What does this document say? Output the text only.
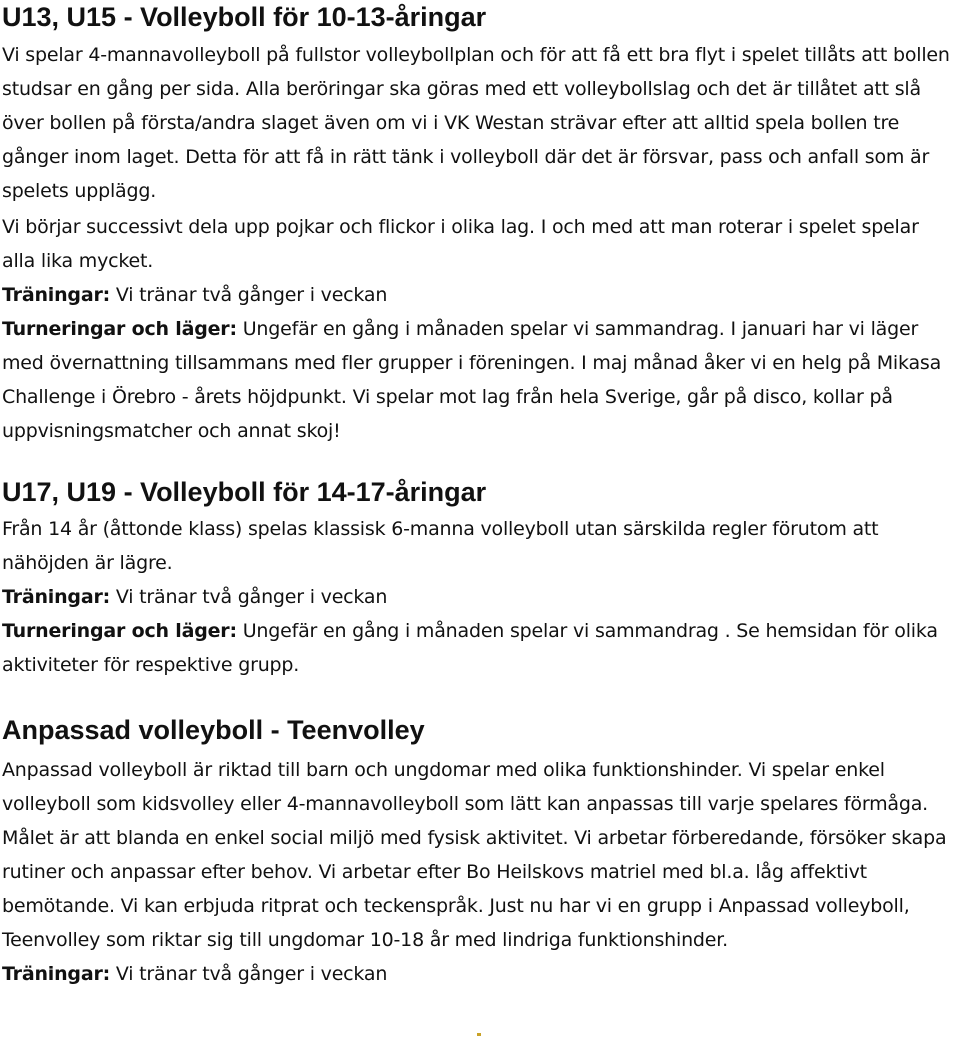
U13, U15 - Volleyboll för 10-13-åringar

Vi spelar 4-mannavolleyboll på fullstor volleybollplan och för att få ett bra flyt i spelet tillåts att bollen studsar en gång per sida. Alla beröringar ska göras med ett volleybollslag och det är tillåtet att slå över bollen på första/andra slaget även om vi i VK Westan strävar efter att alltid spela bollen tre gånger inom laget. Detta för att få in rätt tänk i volleyboll där det är försvar, pass och anfall som är spelets upplägg.

Vi börjar successivt dela upp pojkar och flickor i olika lag. I och med att man roterar i spelet spelar alla lika mycket.

Träningar: Vi tränar två gånger i veckan

Turneringar och läger: Ungefär en gång i månaden spelar vi sammandrag. I januari har vi läger med övernattning tillsammans med fler grupper i föreningen. I maj månad åker vi en helg på Mikasa Challenge i Örebro - årets höjdpunkt. Vi spelar mot lag från hela Sverige, går på disco, kollar på uppvisningsmatcher och annat skoj!

U17, U19 - Volleyboll för 14-17-åringar

Från 14 år (åttonde klass) spelas klassisk 6-manna volleyboll utan särskilda regler förutom att nähöjden är lägre.

Träningar: Vi tränar två gånger i veckan

Turneringar och läger: Ungefär en gång i månaden spelar vi sammandrag . Se hemsidan för olika aktiviteter för respektive grupp.

Anpassad volleyboll - Teenvolley

Anpassad volleyboll är riktad till barn och ungdomar med olika funktionshinder. Vi spelar enkel volleyboll som kidsvolley eller 4-mannavolleyboll som lätt kan anpassas till varje spelares förmåga. Målet är att blanda en enkel social miljö med fysisk aktivitet. Vi arbetar förberedande, försöker skapa rutiner och anpassar efter behov. Vi arbetar efter Bo Heilskovs matriel med bl.a. låg affektivt bemötande. Vi kan erbjuda ritprat och teckenspråk. Just nu har vi en grupp i Anpassad volleyboll, Teenvolley som riktar sig till ungdomar 10-18 år med lindriga funktionshinder.

Träningar: Vi tränar två gånger i veckan
